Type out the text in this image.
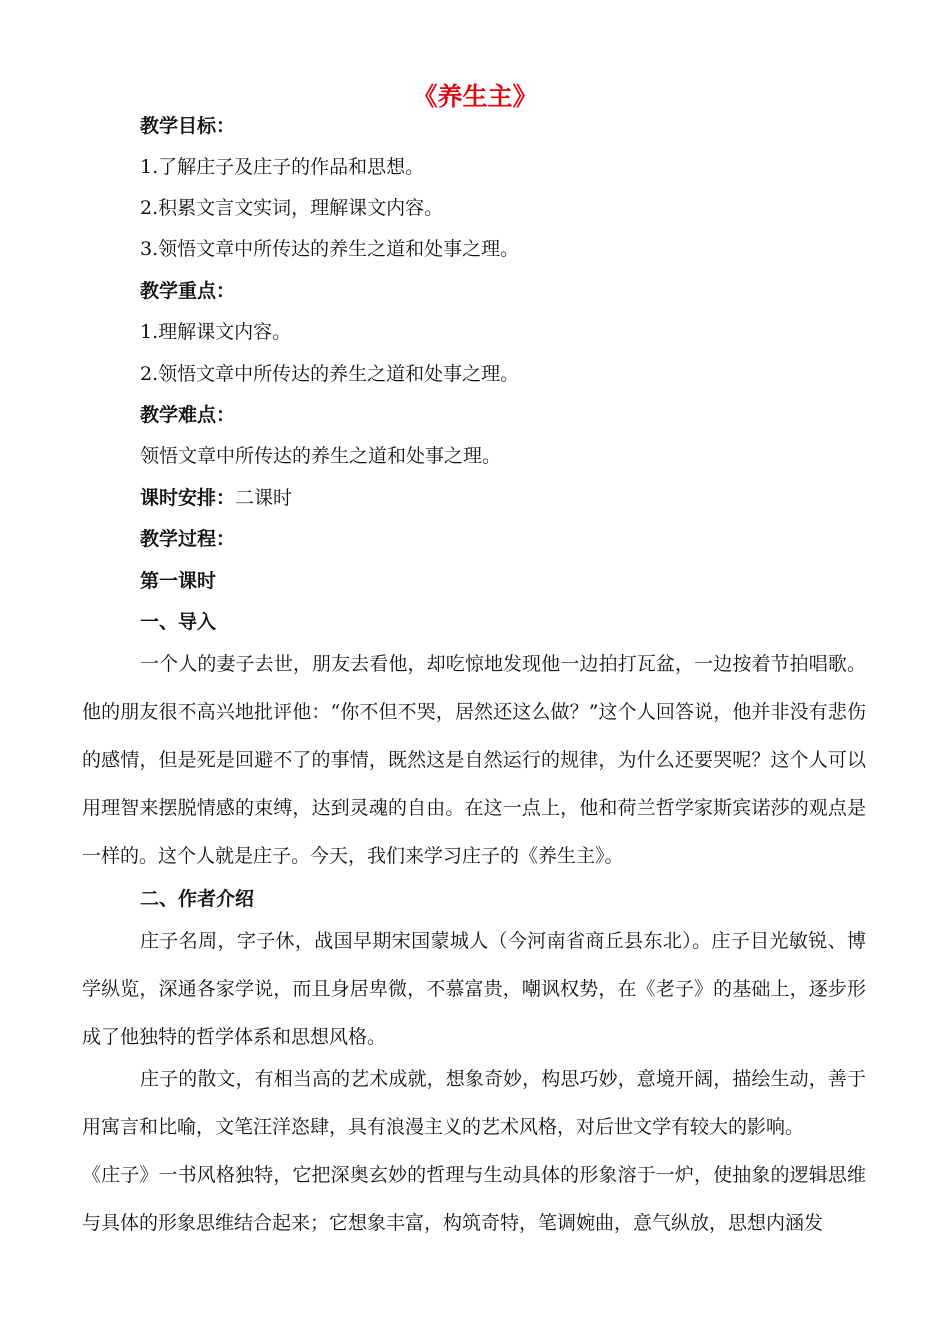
《养生主》
教学目标：
1.了解庄子及庄子的作品和思想。
2.积累文言文实词，理解课文内容。
3.领悟文章中所传达的养生之道和处事之理。
教学重点：
1.理解课文内容。
2.领悟文章中所传达的养生之道和处事之理。
教学难点：
领悟文章中所传达的养生之道和处事之理。
课时安排：二课时
教学过程：
第一课时
一、导入

一个人的妻子去世，朋友去看他，却吃惊地发现他一边拍打瓦盆，一边按着节拍唱歌。他的朋友很不高兴地批评他：“你不但不哭，居然还这么做？”这个人回答说，他并非没有悲伤的感情，但是死是回避不了的事情，既然这是自然运行的规律，为什么还要哭呢？这个人可以用理智来摆脱情感的束缚，达到灵魂的自由。在这一点上，他和荷兰哲学家斯宾诺莎的观点是一样的。这个人就是庄子。今天，我们来学习庄子的《养生主》。

二、作者介绍

庄子名周，字子休，战国早期宋国蒙城人（今河南省商丘县东北）。庄子目光敏锐、博学纵览，深通各家学说，而且身居卑微，不慕富贵，嘲讽权势，在《老子》的基础上，逐步形成了他独特的哲学体系和思想风格。

庄子的散文，有相当高的艺术成就，想象奇妙，构思巧妙，意境开阔，描绘生动，善于用寓言和比喻，文笔汪洋恣肆，具有浪漫主义的艺术风格，对后世文学有较大的影响。

《庄子》一书风格独特，它把深奥玄妙的哲理与生动具体的形象溶于一炉，使抽象的逻辑思维与具体的形象思维结合起来；它想象丰富，构筑奇特，笔调婉曲，意气纵放，思想内涵发
